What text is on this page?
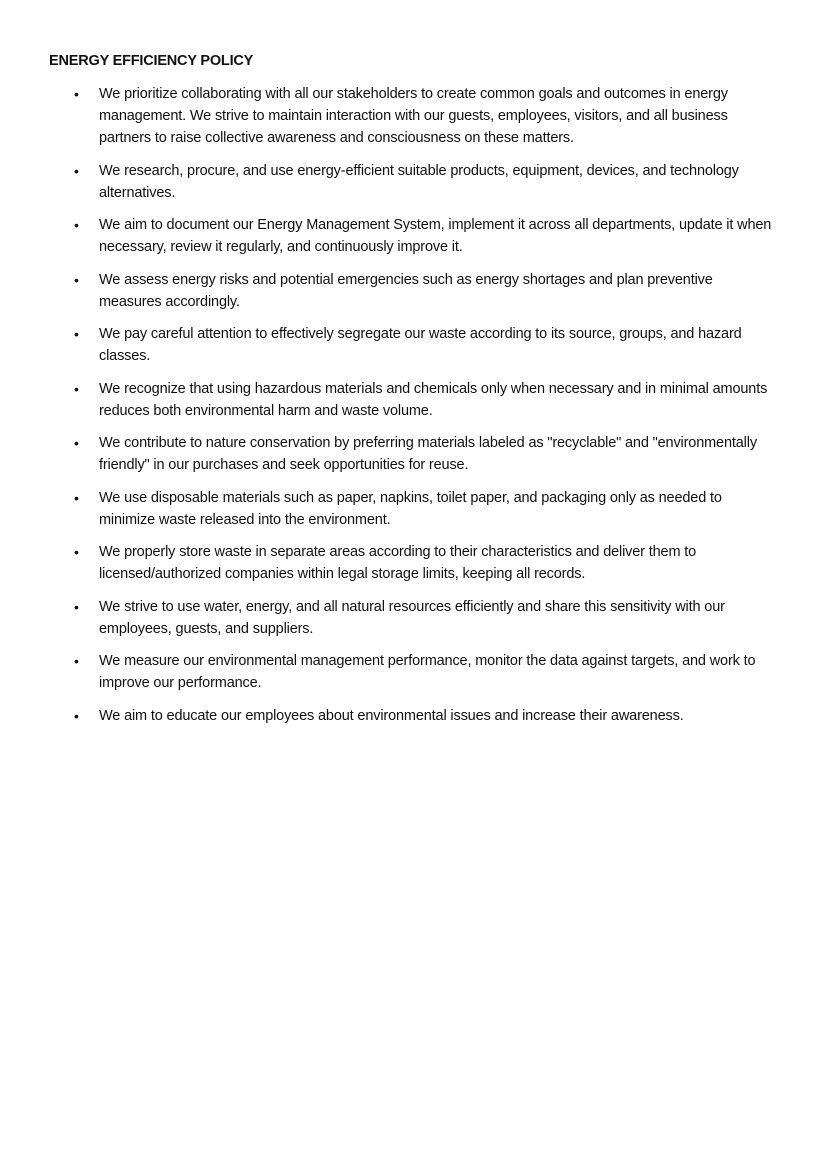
ENERGY EFFICIENCY POLICY
• We prioritize collaborating with all our stakeholders to create common goals and outcomes in energy management. We strive to maintain interaction with our guests, employees, visitors, and all business partners to raise collective awareness and consciousness on these matters.
• We research, procure, and use energy-efficient suitable products, equipment, devices, and technology alternatives.
• We aim to document our Energy Management System, implement it across all departments, update it when necessary, review it regularly, and continuously improve it.
• We assess energy risks and potential emergencies such as energy shortages and plan preventive measures accordingly.
• We pay careful attention to effectively segregate our waste according to its source, groups, and hazard classes.
• We recognize that using hazardous materials and chemicals only when necessary and in minimal amounts reduces both environmental harm and waste volume.
• We contribute to nature conservation by preferring materials labeled as "recyclable" and "environmentally friendly" in our purchases and seek opportunities for reuse.
• We use disposable materials such as paper, napkins, toilet paper, and packaging only as needed to minimize waste released into the environment.
• We properly store waste in separate areas according to their characteristics and deliver them to licensed/authorized companies within legal storage limits, keeping all records.
• We strive to use water, energy, and all natural resources efficiently and share this sensitivity with our employees, guests, and suppliers.
• We measure our environmental management performance, monitor the data against targets, and work to improve our performance.
• We aim to educate our employees about environmental issues and increase their awareness.
